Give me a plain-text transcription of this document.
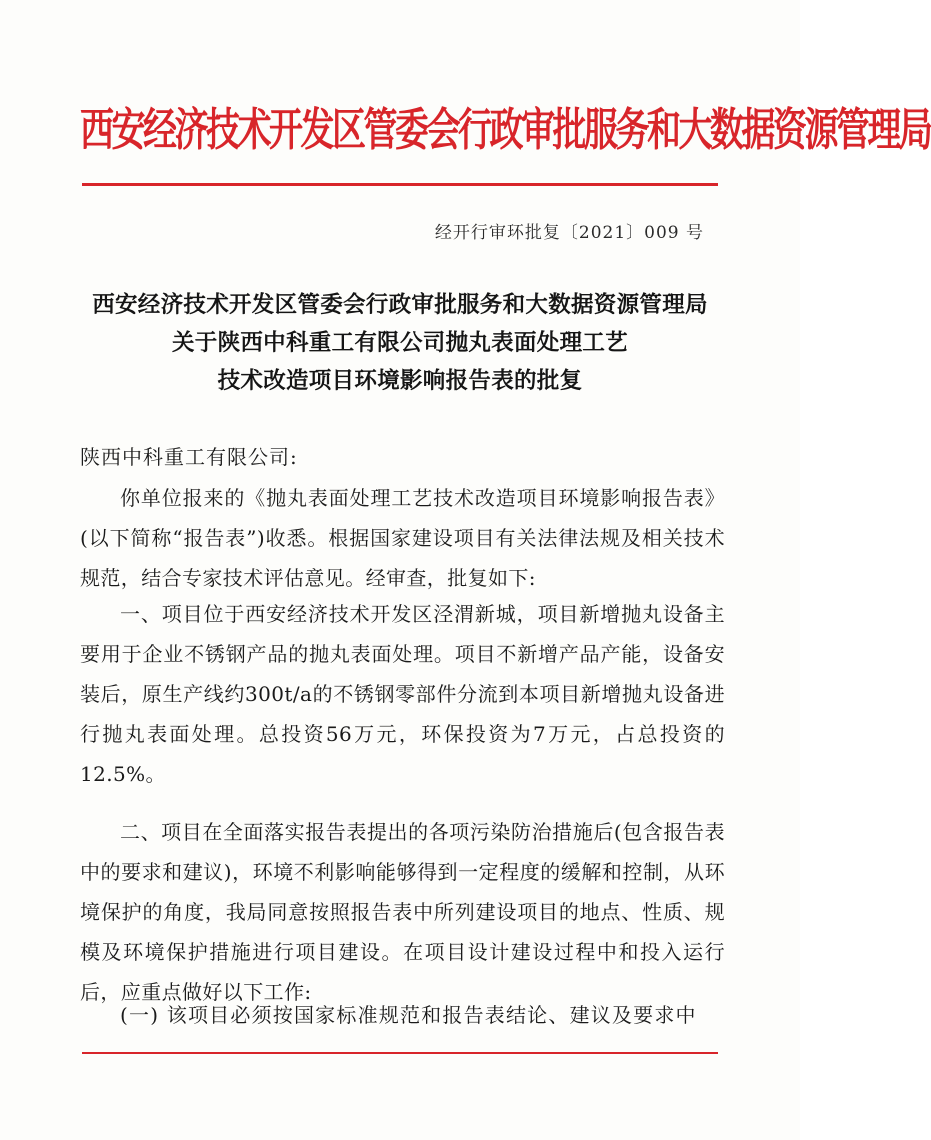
西安经济技术开发区管委会行政审批服务和大数据资源管理局
经开行审环批复〔2021〕009 号
西安经济技术开发区管委会行政审批服务和大数据资源管理局
关于陕西中科重工有限公司抛丸表面处理工艺
技术改造项目环境影响报告表的批复
陕西中科重工有限公司:

你单位报来的《抛丸表面处理工艺技术改造项目环境影响报告表》(以下简称“报告表”)收悉。根据国家建设项目有关法律法规及相关技术规范，结合专家技术评估意见。经审查，批复如下:

一、项目位于西安经济技术开发区泾渭新城，项目新增抛丸设备主要用于企业不锈钢产品的抛丸表面处理。项目不新增产品产能，设备安装后，原生产线约300t/a的不锈钢零部件分流到本项目新增抛丸设备进行抛丸表面处理。总投资56万元，环保投资为7万元，占总投资的12.5%。

二、项目在全面落实报告表提出的各项污染防治措施后(包含报告表中的要求和建议)，环境不利影响能够得到一定程度的缓解和控制，从环境保护的角度，我局同意按照报告表中所列建设项目的地点、性质、规模及环境保护措施进行项目建设。在项目设计建设过程中和投入运行后，应重点做好以下工作:

(一) 该项目必须按国家标准规范和报告表结论、建议及要求中
